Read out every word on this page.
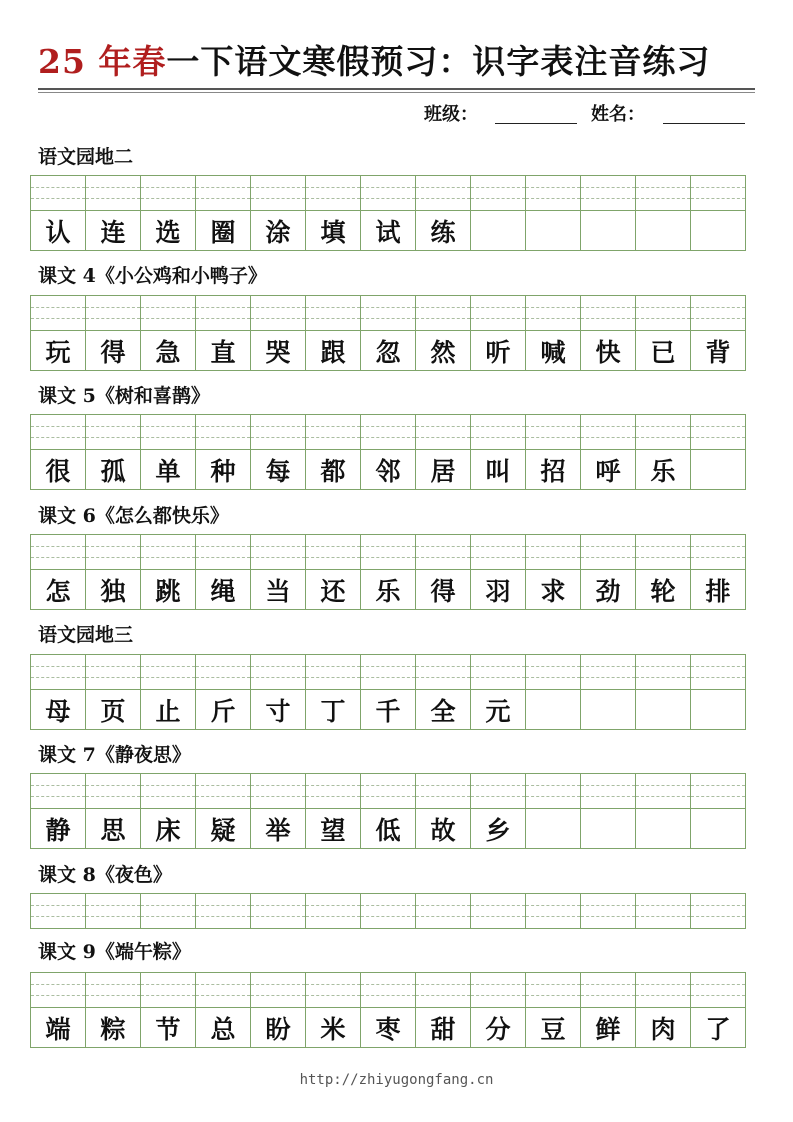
25 年春一下语文寒假预习：识字表注音练习
班级：	姓名：
语文园地二
认	连	选	圈	涂	填	试	练
课文 4《小公鸡和小鸭子》
玩	得	急	直	哭	跟	忽	然	听	喊	快	已	背
课文 5《树和喜鹊》
很	孤	单	种	每	都	邻	居	叫	招	呼	乐
课文 6《怎么都快乐》
怎	独	跳	绳	当	还	乐	得	羽	求	劲	轮	排
语文园地三
母	页	止	斤	寸	丁	千	全	元
课文 7《静夜思》
静	思	床	疑	举	望	低	故	乡
课文 8《夜色》
课文 9《端午粽》
端	粽	节	总	盼	米	枣	甜	分	豆	鲜	肉	了
http://zhiyugongfang.cn
